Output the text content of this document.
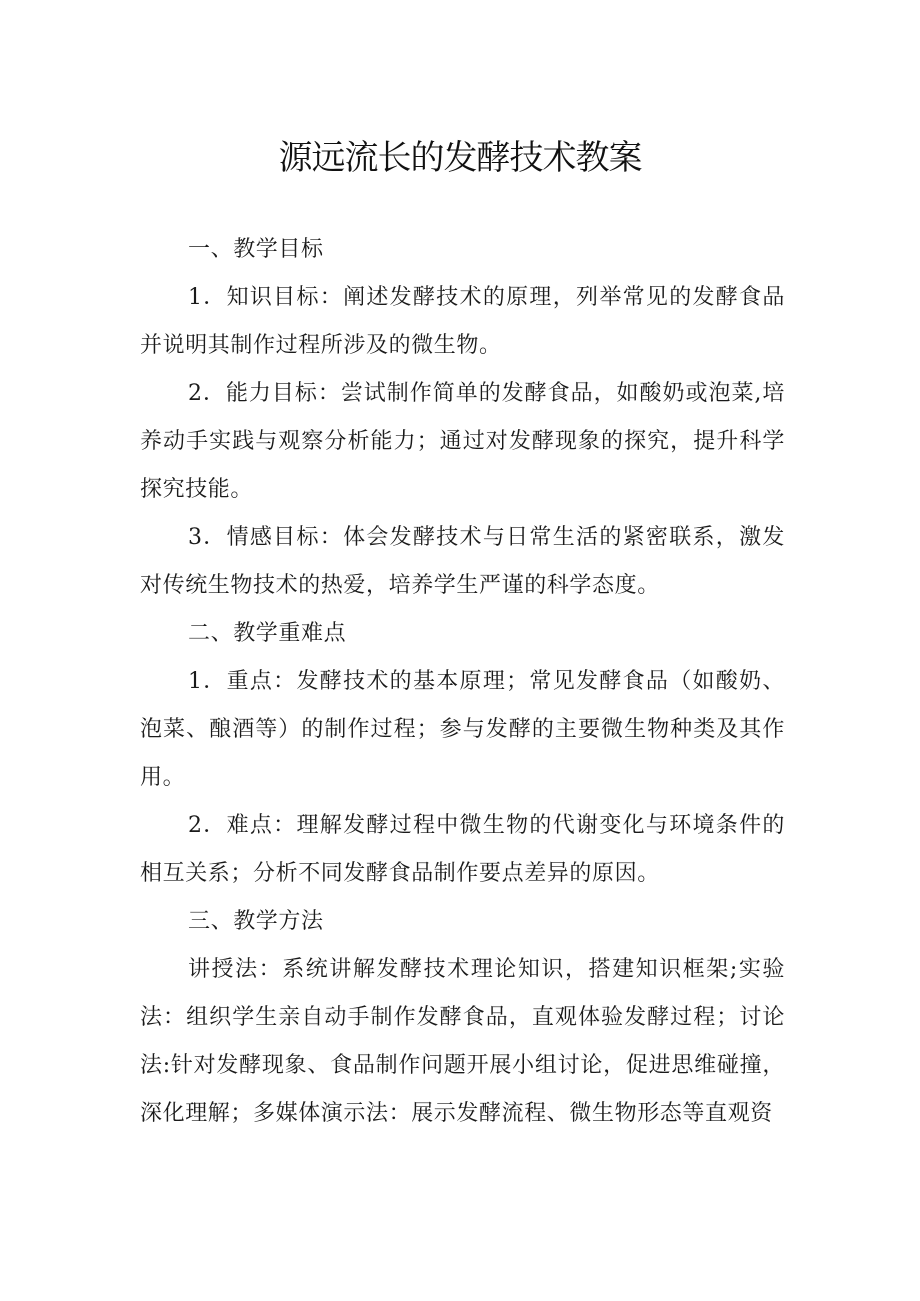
源远流长的发酵技术教案

一、教学目标

1．知识目标：阐述发酵技术的原理，列举常见的发酵食品并说明其制作过程所涉及的微生物。

2．能力目标：尝试制作简单的发酵食品，如酸奶或泡菜,培养动手实践与观察分析能力；通过对发酵现象的探究，提升科学探究技能。

3．情感目标：体会发酵技术与日常生活的紧密联系，激发对传统生物技术的热爱，培养学生严谨的科学态度。

二、教学重难点

1．重点：发酵技术的基本原理；常见发酵食品（如酸奶、泡菜、酿酒等）的制作过程；参与发酵的主要微生物种类及其作用。

2．难点：理解发酵过程中微生物的代谢变化与环境条件的相互关系；分析不同发酵食品制作要点差异的原因。

三、教学方法

讲授法：系统讲解发酵技术理论知识，搭建知识框架;实验法：组织学生亲自动手制作发酵食品，直观体验发酵过程；讨论法:针对发酵现象、食品制作问题开展小组讨论，促进思维碰撞，深化理解；多媒体演示法：展示发酵流程、微生物形态等直观资
